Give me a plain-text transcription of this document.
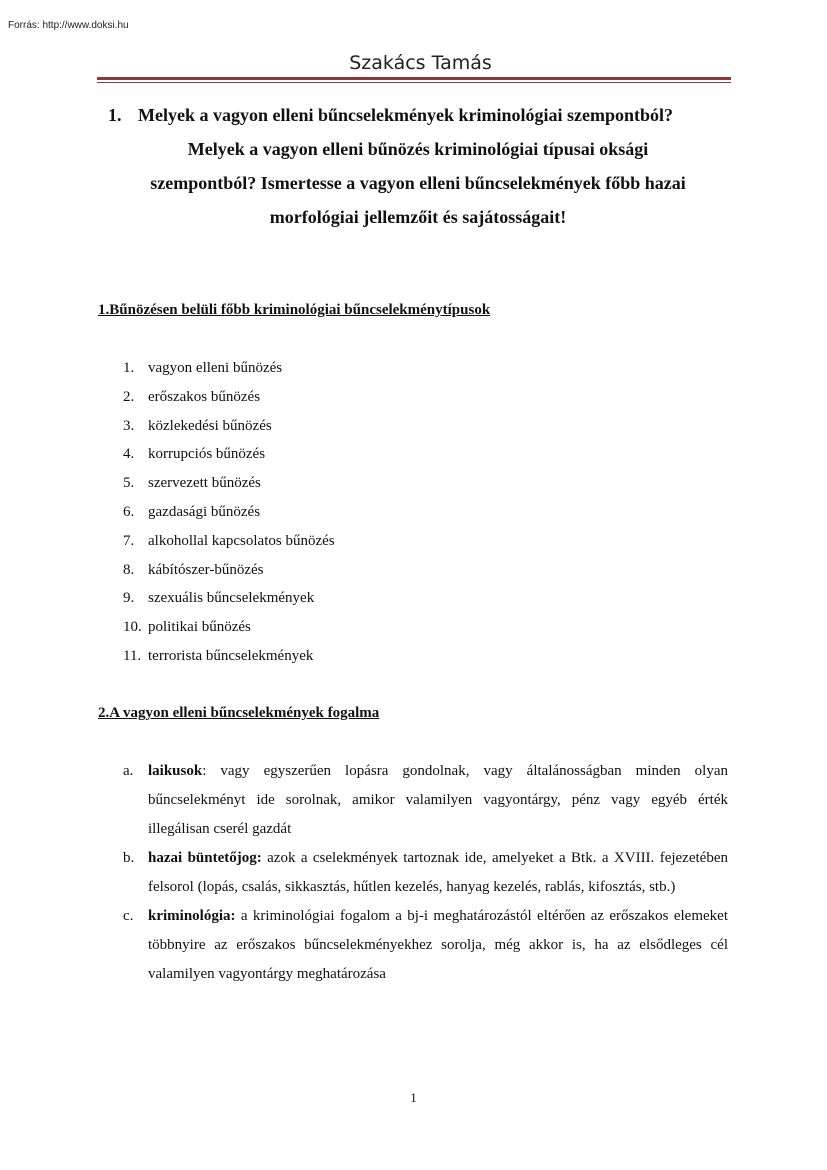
Forrás: http://www.doksi.hu
Szakács Tamás
1. Melyek a vagyon elleni bűncselekmények kriminológiai szempontból?
Melyek a vagyon elleni bűnözés kriminológiai típusai oksági
szempontból? Ismertesse a vagyon elleni bűncselekmények főbb hazai
morfológiai jellemzőit és sajátosságait!
1.Bűnözésen belüli főbb kriminológiai bűncselekménytípusok
1. vagyon elleni bűnözés
2. erőszakos bűnözés
3. közlekedési bűnözés
4. korrupciós bűnözés
5. szervezett bűnözés
6. gazdasági bűnözés
7. alkohollal kapcsolatos bűnözés
8. kábítószer-bűnözés
9. szexuális bűncselekmények
10. politikai bűnözés
11. terrorista bűncselekmények
2.A vagyon elleni bűncselekmények fogalma
a. laikusok: vagy egyszerűen lopásra gondolnak, vagy általánosságban minden olyan bűncselekményt ide sorolnak, amikor valamilyen vagyontárgy, pénz vagy egyéb érték illegálisan cserél gazdát
b. hazai büntetőjog: azok a cselekmények tartoznak ide, amelyeket a Btk. a XVIII. fejezetében felsorol (lopás, csalás, sikkasztás, hűtlen kezelés, hanyag kezelés, rablás, kifosztás, stb.)
c. kriminológia: a kriminológiai fogalom a bj-i meghatározástól eltérően az erőszakos elemeket többnyire az erőszakos bűncselekményekhez sorolja, még akkor is, ha az elsődleges cél valamilyen vagyontárgy meghatározása
1
